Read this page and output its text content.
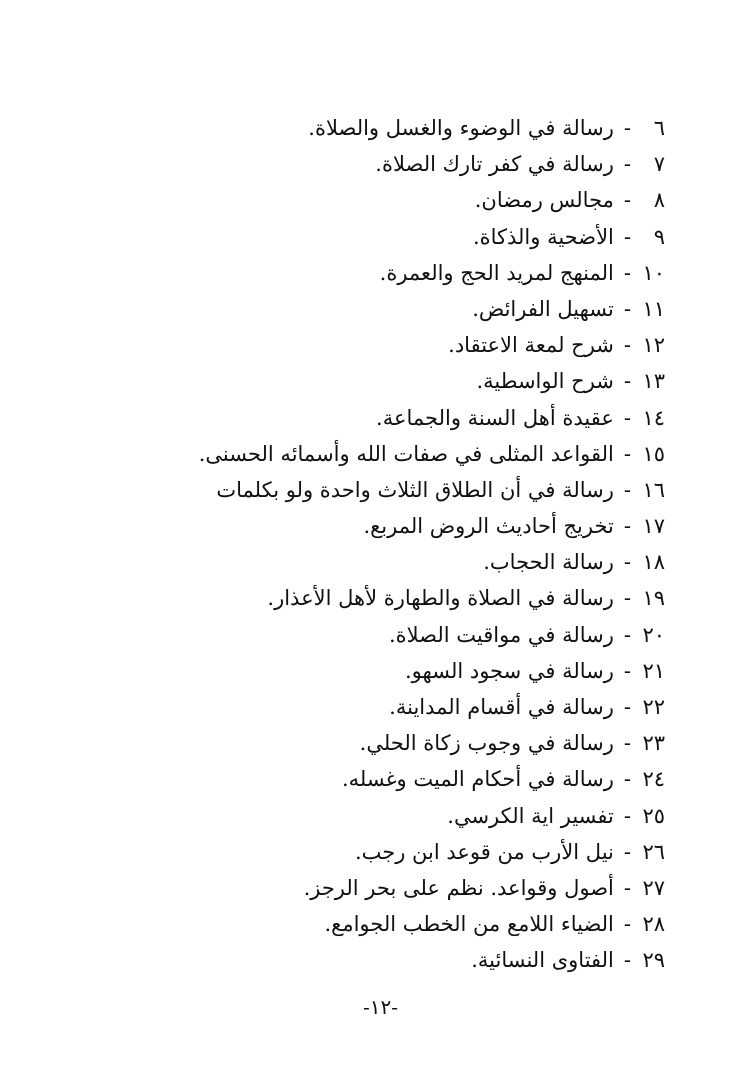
٦-رسالة في الوضوء والغسل والصلاة.
٧-رسالة في كفر تارك الصلاة.
٨-مجالس رمضان.
٩-الأضحية والذكاة.
١٠-المنهج لمريد الحج والعمرة.
١١-تسهيل الفرائض.
١٢-شرح لمعة الاعتقاد.
١٣-شرح الواسطية.
١٤-عقيدة أهل السنة والجماعة.
١٥-القواعد المثلى في صفات الله وأسمائه الحسنى.
١٦-رسالة في أن الطلاق الثلاث واحدة ولو بكلمات
١٧-تخريج أحاديث الروض المربع.
١٨-رسالة الحجاب.
١٩-رسالة في الصلاة والطهارة لأهل الأعذار.
٢٠-رسالة في مواقيت الصلاة.
٢١-رسالة في سجود السهو.
٢٢-رسالة في أقسام المداينة.
٢٣-رسالة في وجوب زكاة الحلي.
٢٤-رسالة في أحكام الميت وغسله.
٢٥-تفسير اية الكرسي.
٢٦-نيل الأرب من قوعد ابن رجب.
٢٧-أصول وقواعد. نظم على بحر الرجز.
٢٨-الضياء اللامع من الخطب الجوامع.
٢٩-الفتاوى النسائية.
-١٢-
